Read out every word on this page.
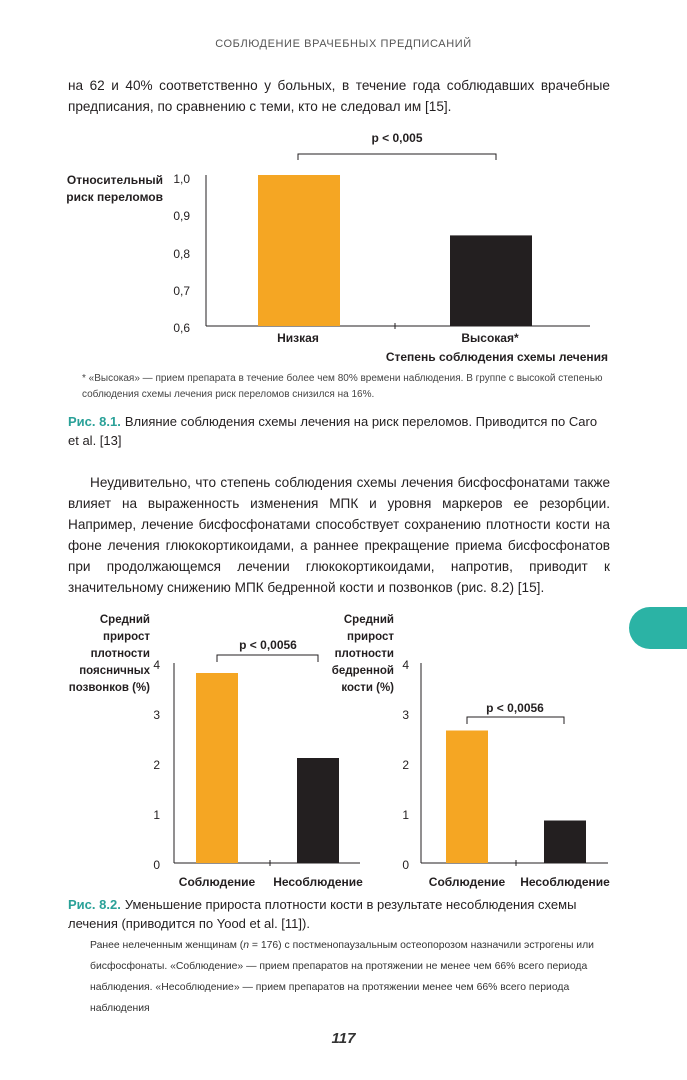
СОБЛЮДЕНИЕ ВРАЧЕБНЫХ ПРЕДПИСАНИЙ
на 62 и 40% соответственно у больных, в течение года соблюдавших врачебные предписания, по сравнению с теми, кто не следовал им [15].
Относительный
риск переломов
1,0
0,9
0,8
0,7
0,6
Низкая	Высокая*
Степень соблюдения схемы лечения
p < 0,005
* «Высокая» — прием препарата в течение более чем 80% времени наблюдения. В группе с высокой степенью соблюдения схемы лечения риск переломов снизился на 16%.
Рис. 8.1. Влияние соблюдения схемы лечения на риск переломов. Приводится по Caro et al. [13]
Неудивительно, что степень соблюдения схемы лечения бисфосфонатами также влияет на выраженность изменения МПК и уровня маркеров ее резорбции. Например, лечение бисфосфонатами способствует сохранению плотности кости на фоне лечения глюкокортикоидами, а раннее прекращение приема бисфосфонатов при продолжающемся лечении глюкокортикоидами, напротив, приводит к значительному снижению МПК бедренной кости и позвонков (рис. 8.2) [15].
Средний
прирост
плотности
поясничных
позвонков (%)
4
3
2
1
0
Соблюдение Несоблюдение
p < 0,0056
Средний
прирост
плотности
бедренной
кости (%)
4
3
2
1
0
Соблюдение Несоблюдение
p < 0,0056
Рис. 8.2. Уменьшение прироста плотности кости в результате несоблюдения схемы лечения (приводится по Yood et al. [11]).
Ранее нелеченным женщинам (n = 176) с постменопаузальным остеопорозом назначили эстрогены или бисфосфонаты. «Соблюдение» — прием препаратов на протяжении не менее чем 66% всего периода наблюдения. «Несоблюдение» — прием препаратов на протяжении менее чем 66% всего периода наблюдения
117
